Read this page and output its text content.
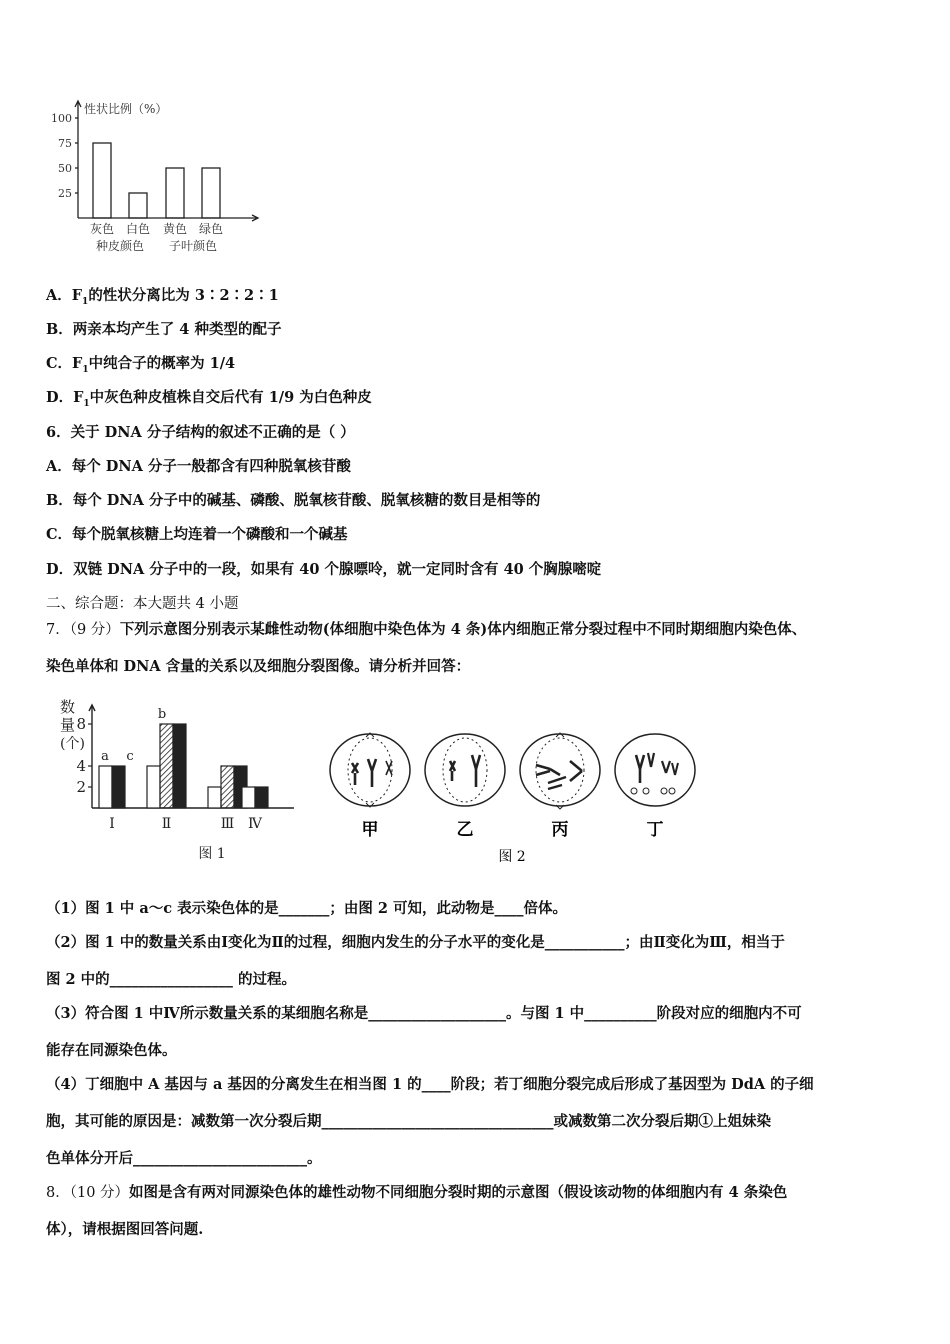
性状比例（%）
25
50
75
100
灰色 白色 黄色 绿色
种皮颜色 子叶颜色
A．$F_1$的性状分离比为 3∶2∶2∶1
B．两亲本均产生了 4 种类型的配子
C．$F_1$中纯合子的概率为 1/4
D．$F_1$中灰色种皮植株自交后代有 1/9 为白色种皮
6．关于 DNA 分子结构的叙述不正确的是（ ）
A．每个 DNA 分子一般都含有四种脱氧核苷酸
B．每个 DNA 分子中的碱基、磷酸、脱氧核苷酸、脱氧核糖的数目是相等的
C．每个脱氧核糖上均连着一个磷酸和一个碱基
D．双链 DNA 分子中的一段，如果有 40 个腺嘌呤，就一定同时含有 40 个胸腺嘧啶
二、综合题：本大题共 4 小题
7．（9 分）下列示意图分别表示某雌性动物(体细胞中染色体为 4 条)体内细胞正常分裂过程中不同时期细胞内染色体、
染色单体和 DNA 含量的关系以及细胞分裂图像。请分析并回答：
数
量
(个)
2
4
8
Ⅰ	Ⅱ	Ⅲ Ⅳ
a c
b
图 1
甲	乙	丙	丁
图 2
（1）图 1 中 a～c 表示染色体的是_______；由图 2 可知，此动物是____倍体。
（2）图 1 中的数量关系由Ⅰ变化为Ⅱ的过程，细胞内发生的分子水平的变化是___________；由Ⅱ变化为Ⅲ，相当于
图 2 中的_________________ 的过程。
（3）符合图 1 中Ⅳ所示数量关系的某细胞名称是___________________。与图 1 中__________阶段对应的细胞内不可
能存在同源染色体。
（4）丁细胞中 A 基因与 a 基因的分离发生在相当图 1 的____阶段；若丁细胞分裂完成后形成了基因型为 DdA 的子细
胞，其可能的原因是：减数第一次分裂后期________________________________或减数第二次分裂后期①上姐妹染
色单体分开后________________________。
8．（10 分）如图是含有两对同源染色体的雄性动物不同细胞分裂时期的示意图（假设该动物的体细胞内有 4 条染色
体），请根据图回答问题.
